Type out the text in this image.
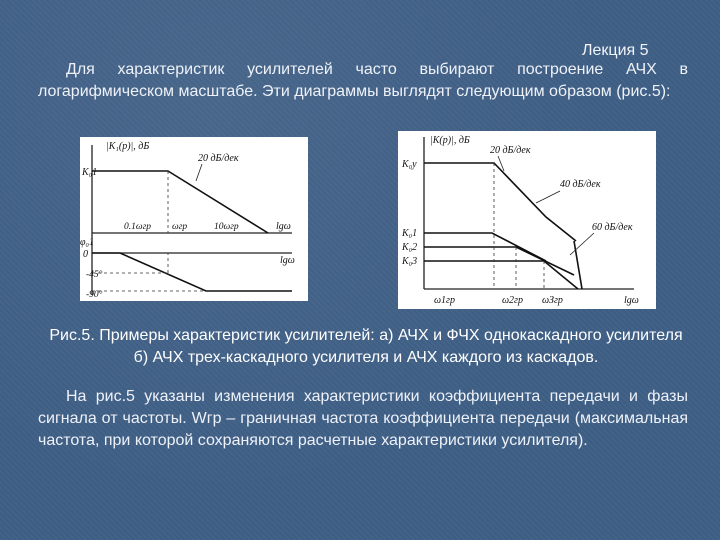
Лекция 5
Для характеристик усилителей часто выбирают построение АЧХ в логарифмическом масштабе. Эти диаграммы выглядят следующим образом (рис.5):
|K₁(p)|, дБ
K₀1
20 дБ/дек
0.1ωгр ωгр	10ωгр	lgω
φ₀1
0
lgω
-45°
-90°
|K(p)|, дБ
K₀у
20 дБ/дек
40 дБ/дек
60 дБ/дек
K₀1
K₀2
K₀3
ω1гр	ω2гр ωЗгр	lgω
Рис.5. Примеры характеристик усилителей: а) АЧХ и ФЧХ однокаскадного усилителя б) АЧХ трех-каскадного усилителя и АЧХ каждого из каскадов.
На рис.5 указаны изменения характеристики коэффициента передачи и фазы сигнала от частоты. Wгр – граничная частота коэффициента передачи (максимальная частота, при которой сохраняются расчетные характеристики усилителя).
